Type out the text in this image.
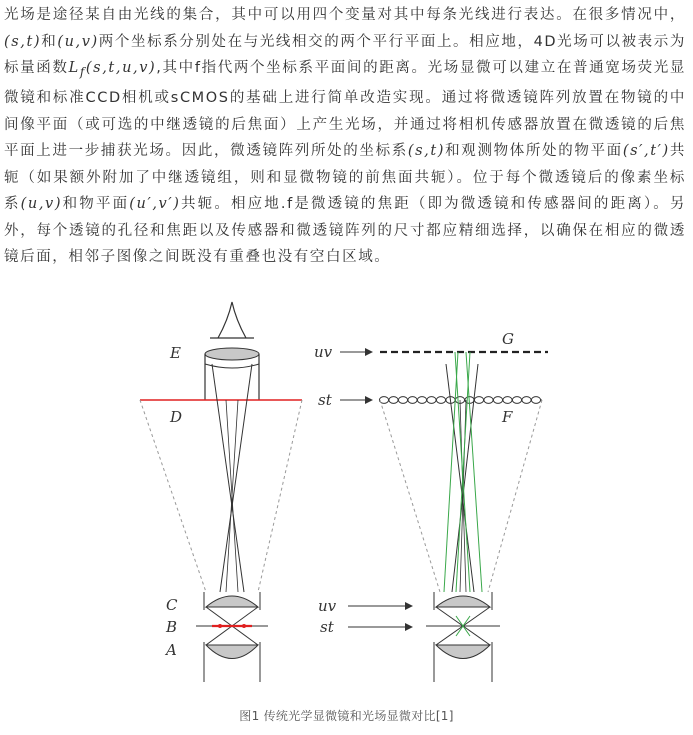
光场是途径某自由光线的集合，其中可以用四个变量对其中每条光线进行表达。在很多情况中，(s,t)和(u,v)两个坐标系分别处在与光线相交的两个平行平面上。相应地，4D光场可以被表示为标量函数$L_f(s,t,u,v)$,其中f指代两个坐标系平面间的距离。光场显微可以建立在普通宽场荧光显微镜和标准CCD相机或sCMOS的基础上进行简单改造实现。通过将微透镜阵列放置在物镜的中间像平面（或可选的中继透镜的后焦面）上产生光场，并通过将相机传感器放置在微透镜的后焦平面上进一步捕获光场。因此，微透镜阵列所处的坐标系(s,t)和观测物体所处的物平面(s′,t′)共轭（如果额外附加了中继透镜组，则和显微物镜的前焦面共轭）。位于每个微透镜后的像素坐标系(u,v)和物平面(u′,v′)共轭。相应地.f是微透镜的焦距（即为微透镜和传感器间的距离）。另外，每个透镜的孔径和焦距以及传感器和微透镜阵列的尺寸都应精细选择，以确保在相应的微透镜后面，相邻子图像之间既没有重叠也没有空白区域。

E
D
C
B
A
uv
st
G
F
uv
st
图1 传统光学显微镜和光场显微对比[1]
